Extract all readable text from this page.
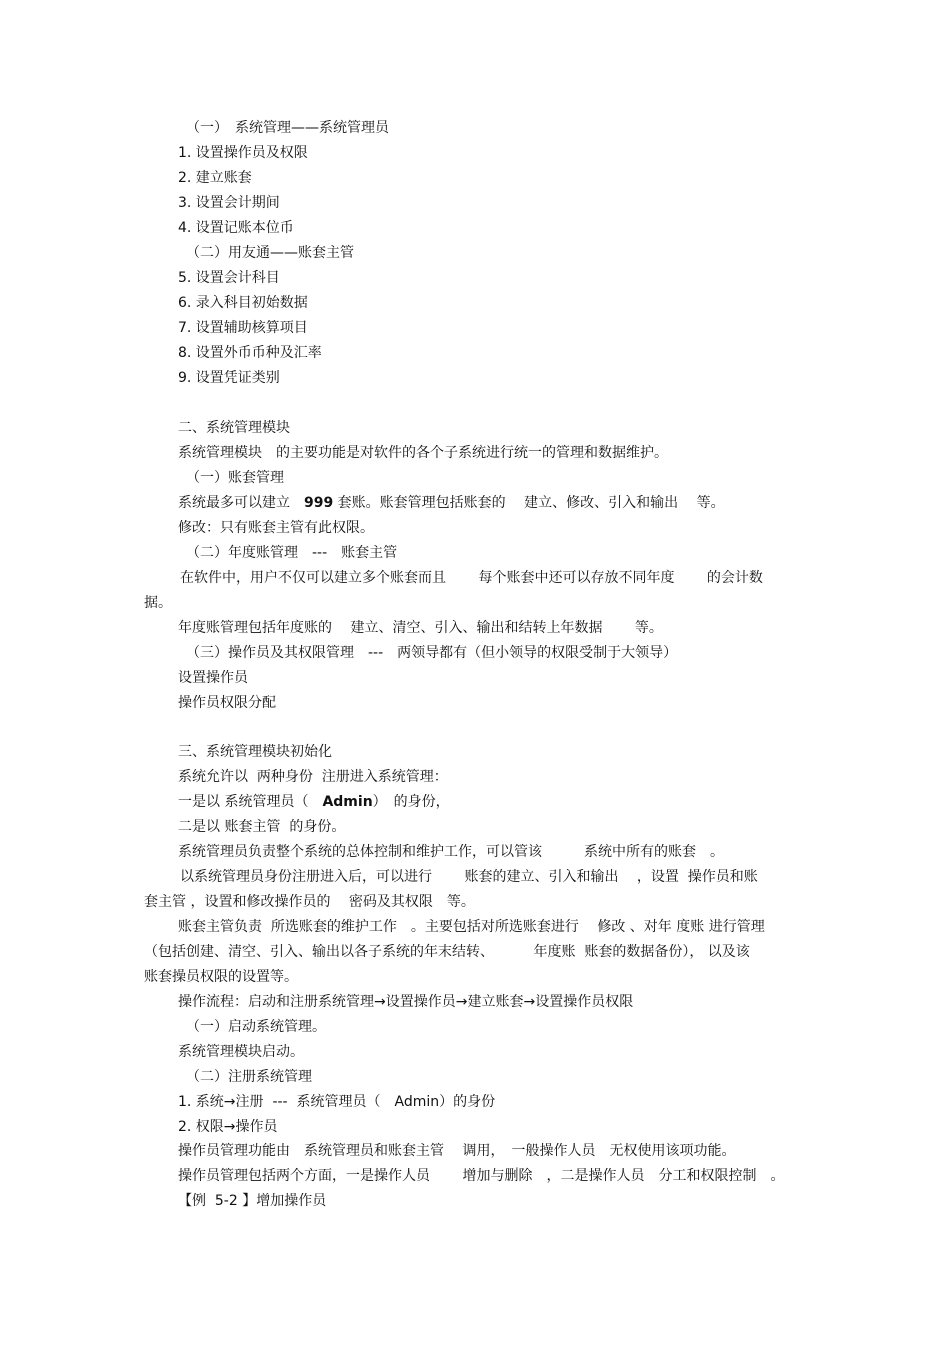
（一）　系统管理——系统管理员
1. 设置操作员及权限
2. 建立账套
3. 设置会计期间
4. 设置记账本位币
（二）用友通——账套主管
5. 设置会计科目
6. 录入科目初始数据
7. 设置辅助核算项目
8. 设置外币币种及汇率
9. 设置凭证类别
二、系统管理模块
系统管理模块　的主要功能是对软件的各个子系统进行统一的管理和数据维护。
（一）账套管理
系统最多可以建立　999 套账。账套管理包括账套的　 建立、修改、引入和输出　 等。
修改：只有账套主管有此权限。
（二）年度账管理　---　账套主管
在软件中，用户不仅可以建立多个账套而且　　 每个账套中还可以存放不同年度　　 的会计数
据。
年度账管理包括年度账的　 建立、清空、引入、输出和结转上年数据　　 等。
（三）操作员及其权限管理　---　两领导都有（但小领导的权限受制于大领导）
设置操作员
操作员权限分配
三、系统管理模块初始化
系统允许以  两种身份  注册进入系统管理：
一是以 系统管理员（　Admin）　的身份，
二是以 账套主管  的身份。
系统管理员负责整个系统的总体控制和维护工作，可以管该　　　系统中所有的账套　。
以系统管理员身份注册进入后，可以进行　　 账套的建立、引入和输出　 ，设置  操作员和账
套主管 ，设置和修改操作员的　 密码及其权限　等。
账套主管负责  所选账套的维护工作　。主要包括对所选账套进行　 修改 、对年 度账 进行管理
（包括创建、清空、引入、输出以各子系统的年末结转、　　　 年度账  账套的数据备份）， 以及该
账套操员权限的设置等。
操作流程：启动和注册系统管理→设置操作员→建立账套→设置操作员权限
（一）启动系统管理。
系统管理模块启动。
（二）注册系统管理
1. 系统→注册  ---  系统管理员（　Admin）的身份
2. 权限→操作员
操作员管理功能由　系统管理员和账套主管　 调用，　一般操作人员　无权使用该项功能。
操作员管理包括两个方面，一是操作人员　　 增加与删除　，二是操作人员　分工和权限控制　。
【例  5-2 】增加操作员
